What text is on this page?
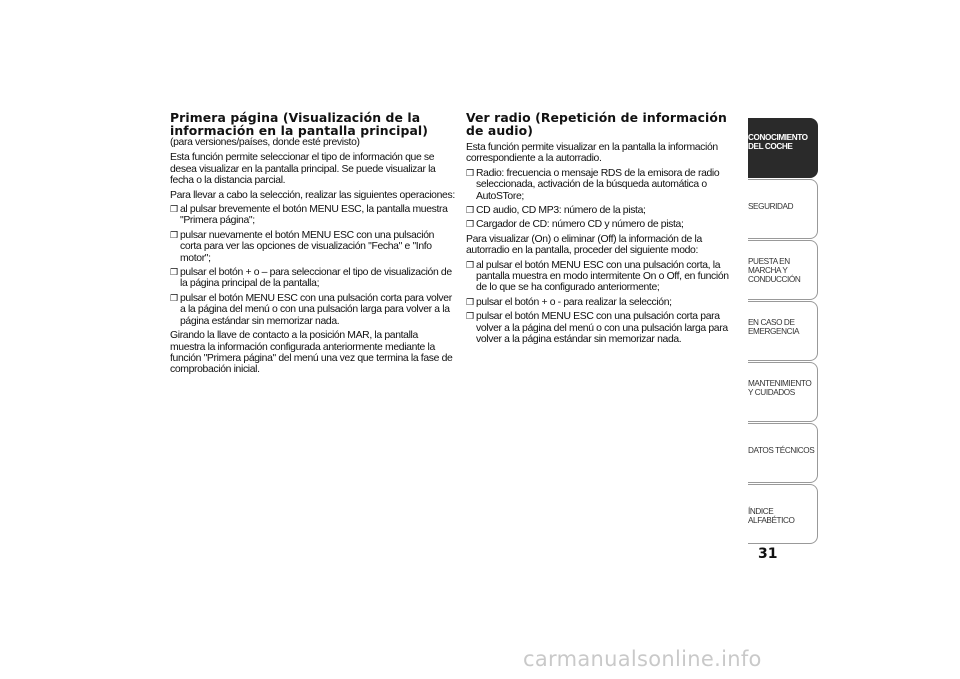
Primera página (Visualización de la información en la pantalla principal)

(para versiones/países, donde esté previsto)

Esta función permite seleccionar el tipo de información que se desea visualizar en la pantalla principal. Se puede visualizar la fecha o la distancia parcial.

Para llevar a cabo la selección, realizar las siguientes operaciones:

❒ al pulsar brevemente el botón MENU ESC, la pantalla muestra "Primera página";
❒ pulsar nuevamente el botón MENU ESC con una pulsación corta para ver las opciones de visualización "Fecha" e "Info motor";
❒ pulsar el botón + o – para seleccionar el tipo de visualización de la página principal de la pantalla;
❒ pulsar el botón MENU ESC con una pulsación corta para volver a la página del menú o con una pulsación larga para volver a la página estándar sin memorizar nada.

Girando la llave de contacto a la posición MAR, la pantalla muestra la información configurada anteriormente mediante la función "Primera página" del menú una vez que termina la fase de comprobación inicial.

Ver radio (Repetición de información de audio)

Esta función permite visualizar en la pantalla la información correspondiente a la autorradio.

❒ Radio: frecuencia o mensaje RDS de la emisora de radio seleccionada, activación de la búsqueda automática o AutoSTore;
❒ CD audio, CD MP3: número de la pista;
❒ Cargador de CD: número CD y número de pista;

Para visualizar (On) o eliminar (Off) la información de la autorradio en la pantalla, proceder del siguiente modo:

❒ al pulsar el botón MENU ESC con una pulsación corta, la pantalla muestra en modo intermitente On o Off, en función de lo que se ha configurado anteriormente;
❒ pulsar el botón + o - para realizar la selección;
❒ pulsar el botón MENU ESC con una pulsación corta para volver a la página del menú o con una pulsación larga para volver a la página estándar sin memorizar nada.
CONOCIMIENTO DEL COCHE
SEGURIDAD
PUESTA EN MARCHA Y CONDUCCIÓN
EN CASO DE EMERGENCIA
MANTENIMIENTO Y CUIDADOS
DATOS TÉCNICOS
ÍNDICE ALFABÉTICO
31
carmanualsonline.info
